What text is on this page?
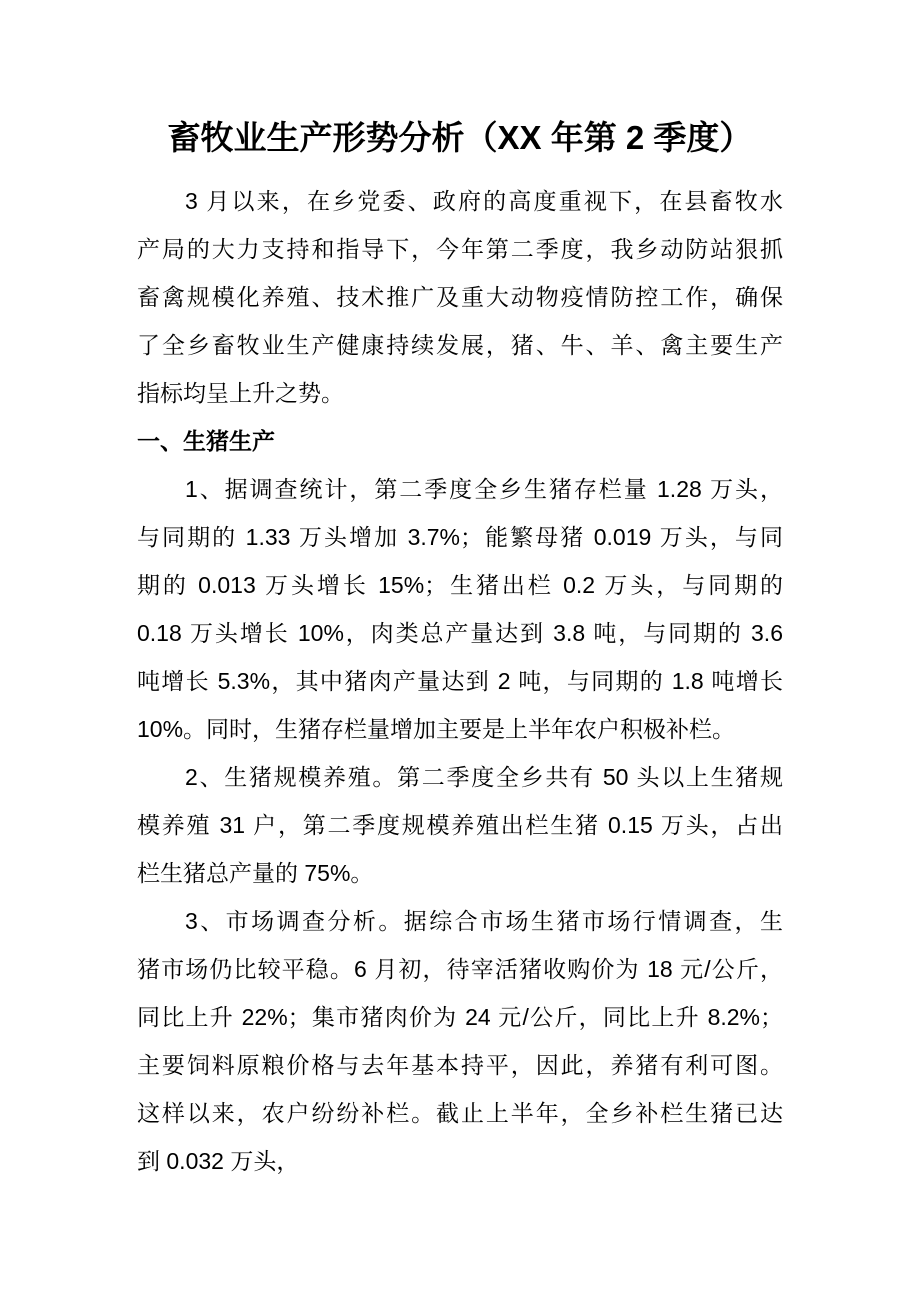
畜牧业生产形势分析（XX 年第 2 季度）
3 月以来，在乡党委、政府的高度重视下，在县畜牧水
产局的大力支持和指导下，今年第二季度，我乡动防站狠抓
畜禽规模化养殖、技术推广及重大动物疫情防控工作，确保
了全乡畜牧业生产健康持续发展，猪、牛、羊、禽主要生产
指标均呈上升之势。
一、生猪生产
1、据调查统计，第二季度全乡生猪存栏量 1.28 万头，
与同期的 1.33 万头增加 3.7%；能繁母猪 0.019 万头，与同
期的 0.013 万头增长 15%；生猪出栏 0.2 万头，与同期的
0.18 万头增长 10%，肉类总产量达到 3.8 吨，与同期的 3.6
吨增长 5.3%，其中猪肉产量达到 2 吨，与同期的 1.8 吨增长
10%。同时，生猪存栏量增加主要是上半年农户积极补栏。
2、生猪规模养殖。第二季度全乡共有 50 头以上生猪规
模养殖 31 户，第二季度规模养殖出栏生猪 0.15 万头，占出
栏生猪总产量的 75%。
3、市场调查分析。据综合市场生猪市场行情调查，生
猪市场仍比较平稳。6 月初，待宰活猪收购价为 18 元/公斤，
同比上升 22%；集市猪肉价为 24 元/公斤，同比上升 8.2%；
主要饲料原粮价格与去年基本持平，因此，养猪有利可图。
这样以来，农户纷纷补栏。截止上半年，全乡补栏生猪已达
到 0.032 万头，
